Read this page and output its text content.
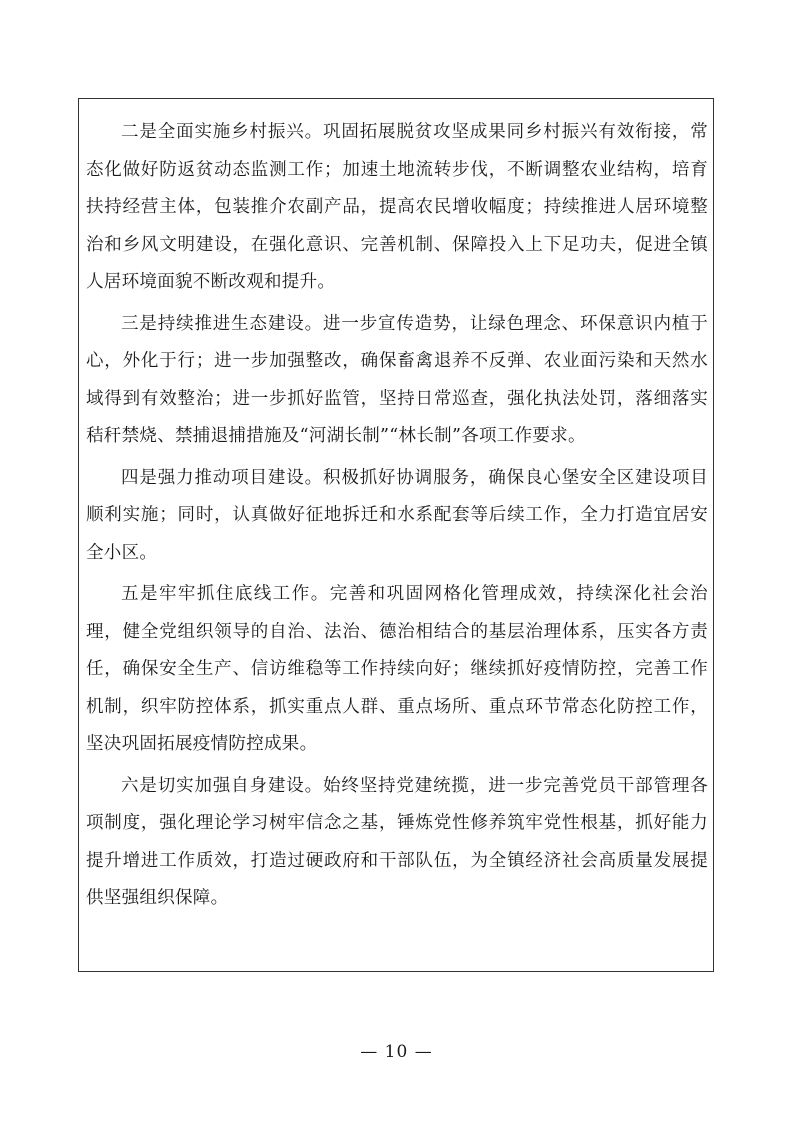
二是全面实施乡村振兴。巩固拓展脱贫攻坚成果同乡村振兴有效衔接，常态化做好防返贫动态监测工作；加速土地流转步伐，不断调整农业结构，培育扶持经营主体，包装推介农副产品，提高农民增收幅度；持续推进人居环境整治和乡风文明建设，在强化意识、完善机制、保障投入上下足功夫，促进全镇人居环境面貌不断改观和提升。

三是持续推进生态建设。进一步宣传造势，让绿色理念、环保意识内植于心，外化于行；进一步加强整改，确保畜禽退养不反弹、农业面污染和天然水域得到有效整治；进一步抓好监管，坚持日常巡查，强化执法处罚，落细落实秸秆禁烧、禁捕退捕措施及“河湖长制”“林长制”各项工作要求。

四是强力推动项目建设。积极抓好协调服务，确保良心堡安全区建设项目顺利实施；同时，认真做好征地拆迁和水系配套等后续工作，全力打造宜居安全小区。

五是牢牢抓住底线工作。完善和巩固网格化管理成效，持续深化社会治理，健全党组织领导的自治、法治、德治相结合的基层治理体系，压实各方责任，确保安全生产、信访维稳等工作持续向好；继续抓好疫情防控，完善工作机制，织牢防控体系，抓实重点人群、重点场所、重点环节常态化防控工作，坚决巩固拓展疫情防控成果。

六是切实加强自身建设。始终坚持党建统揽，进一步完善党员干部管理各项制度，强化理论学习树牢信念之基，锤炼党性修养筑牢党性根基，抓好能力提升增进工作质效，打造过硬政府和干部队伍，为全镇经济社会高质量发展提供坚强组织保障。

— 10 —
